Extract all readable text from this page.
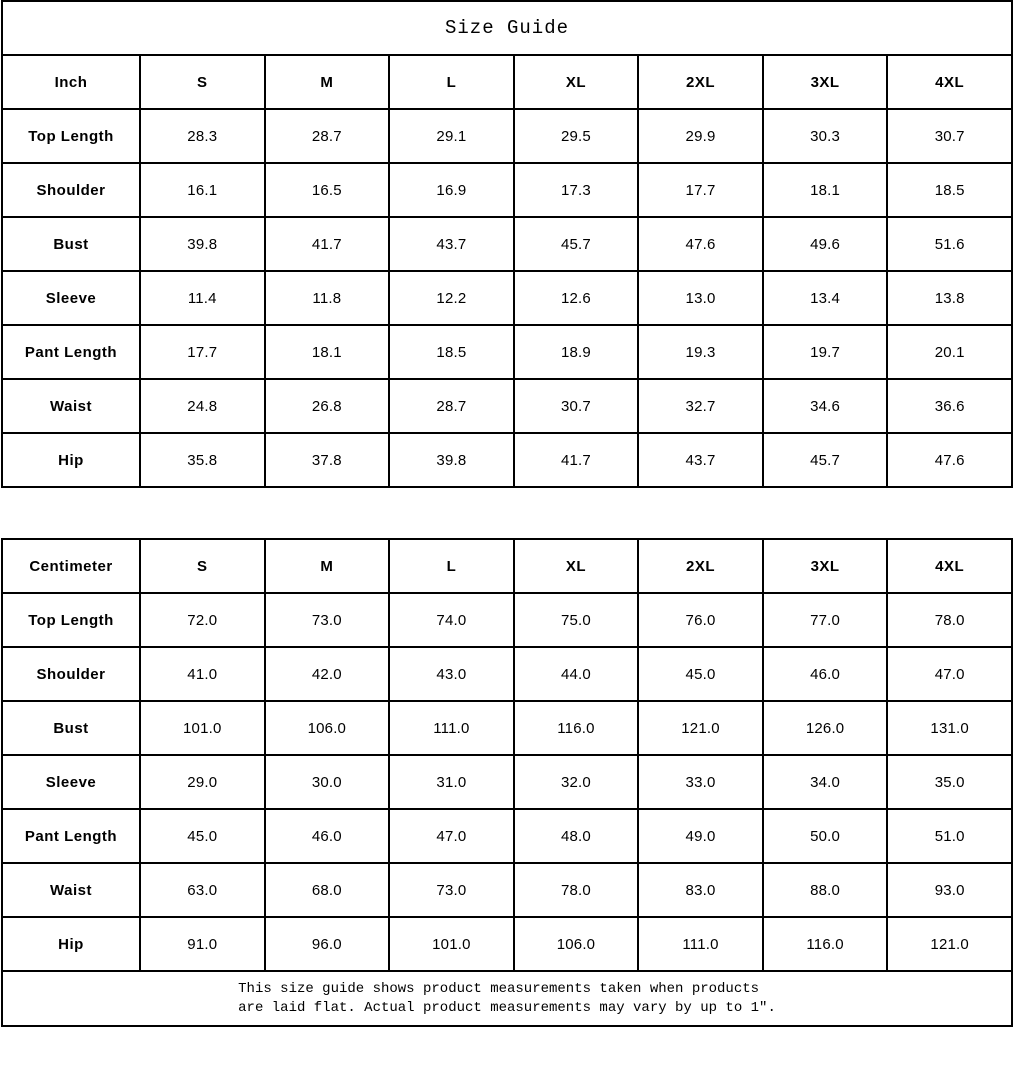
Size Guide
Inch	S	M	L	XL	2XL	3XL	4XL
Top Length	28.3	28.7	29.1	29.5	29.9	30.3	30.7
Shoulder	16.1	16.5	16.9	17.3	17.7	18.1	18.5
Bust	39.8	41.7	43.7	45.7	47.6	49.6	51.6
Sleeve	11.4	11.8	12.2	12.6	13.0	13.4	13.8
Pant Length	17.7	18.1	18.5	18.9	19.3	19.7	20.1
Waist	24.8	26.8	28.7	30.7	32.7	34.6	36.6
Hip	35.8	37.8	39.8	41.7	43.7	45.7	47.6
Centimeter	S	M	L	XL	2XL	3XL	4XL
Top Length	72.0	73.0	74.0	75.0	76.0	77.0	78.0
Shoulder	41.0	42.0	43.0	44.0	45.0	46.0	47.0
Bust	101.0	106.0	111.0	116.0	121.0	126.0	131.0
Sleeve	29.0	30.0	31.0	32.0	33.0	34.0	35.0
Pant Length	45.0	46.0	47.0	48.0	49.0	50.0	51.0
Waist	63.0	68.0	73.0	78.0	83.0	88.0	93.0
Hip	91.0	96.0	101.0	106.0	111.0	116.0	121.0
This size guide shows product measurements taken when products
are laid flat. Actual product measurements may vary by up to 1″.
